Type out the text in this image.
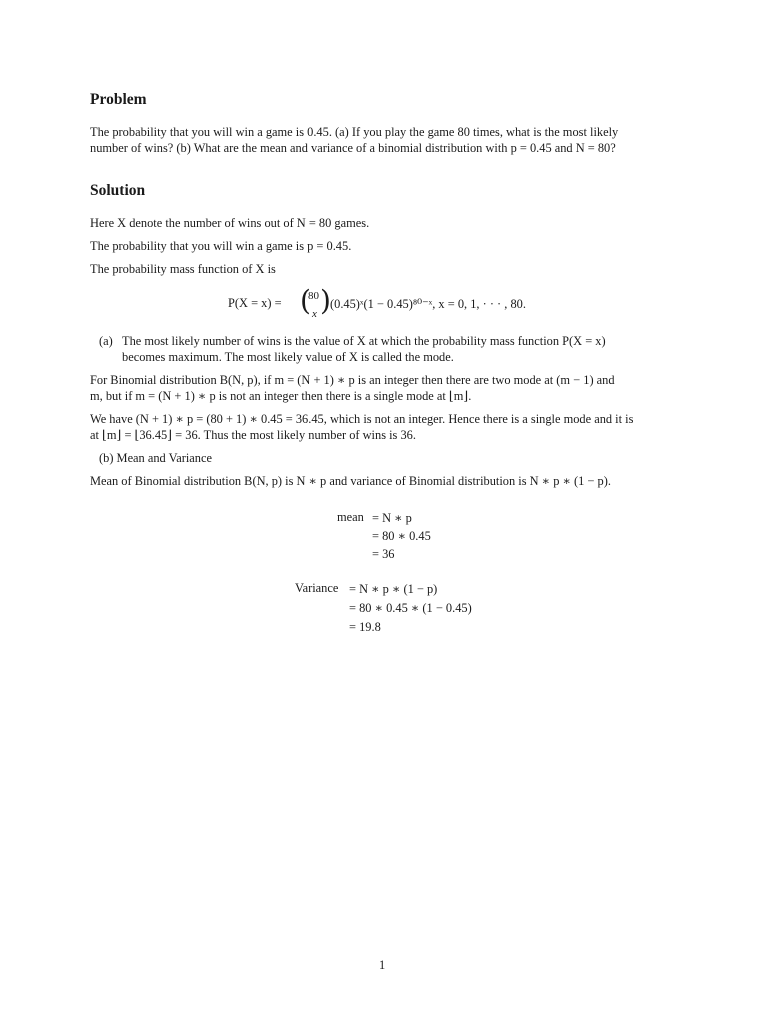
Problem
The probability that you will win a game is 0.45. (a) If you play the game 80 times, what is the most likely
number of wins? (b) What are the mean and variance of a binomial distribution with p = 0.45 and N = 80?
Solution
Here X denote the number of wins out of N = 80 games.
The probability that you will win a game is p = 0.45.
The probability mass function of X is
P(X = x) = (
80
x ) (0.45)ˣ(1 − 0.45)⁸⁰⁻ˣ, x = 0, 1, · · · , 80.
(a) The most likely number of wins is the value of X at which the probability mass function P(X = x)
becomes maximum. The most likely value of X is called the mode.
For Binomial distribution B(N, p), if m = (N + 1) ∗ p is an integer then there are two mode at (m − 1) and
m, but if m = (N + 1) ∗ p is not an integer then there is a single mode at ⌊m⌋.
We have (N + 1) ∗ p = (80 + 1) ∗ 0.45 = 36.45, which is not an integer. Hence there is a single mode and it is
at ⌊m⌋ = ⌊36.45⌋ = 36. Thus the most likely number of wins is 36.
(b) Mean and Variance
Mean of Binomial distribution B(N, p) is N ∗ p and variance of Binomial distribution is N ∗ p ∗ (1 − p).
mean = N ∗ p
= 80 ∗ 0.45
= 36
Variance = N ∗ p ∗ (1 − p)
= 80 ∗ 0.45 ∗ (1 − 0.45)
= 19.8
1
